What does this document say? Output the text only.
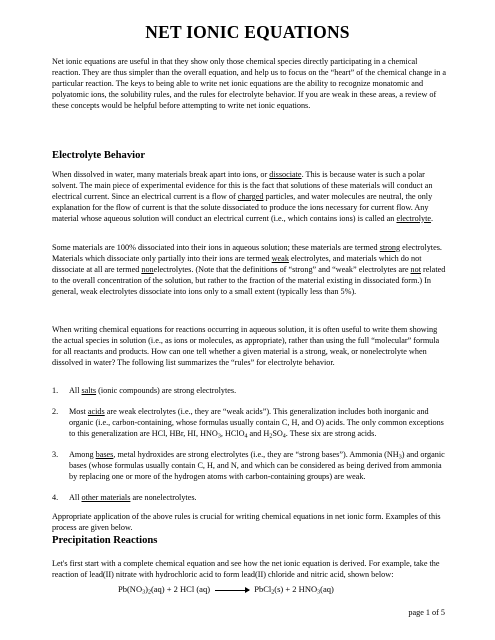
NET IONIC EQUATIONS

Net ionic equations are useful in that they show only those chemical species directly participating in a chemical reaction. They are thus simpler than the overall equation, and help us to focus on the “heart” of the chemical change in a particular reaction. The keys to being able to write net ionic equations are the ability to recognize monatomic and polyatomic ions, the solubility rules, and the rules for electrolyte behavior. If you are weak in these areas, a review of these concepts would be helpful before attempting to write net ionic equations.

Electrolyte Behavior

When dissolved in water, many materials break apart into ions, or dissociate. This is because water is such a polar solvent. The main piece of experimental evidence for this is the fact that solutions of these materials will conduct an electrical current. Since an electrical current is a flow of charged particles, and water molecules are neutral, the only explanation for the flow of current is that the solute dissociated to produce the ions necessary for current flow. Any material whose aqueous solution will conduct an electrical current (i.e., which contains ions) is called an electrolyte.

Some materials are 100% dissociated into their ions in aqueous solution; these materials are termed strong electrolytes. Materials which dissociate only partially into their ions are termed weak electrolytes, and materials which do not dissociate at all are termed nonelectrolytes. (Note that the definitions of “strong” and “weak” electrolytes are not related to the overall concentration of the solution, but rather to the fraction of the material existing in dissociated form.) In general, weak electrolytes dissociate into ions only to a small extent (typically less than 5%).

When writing chemical equations for reactions occurring in aqueous solution, it is often useful to write them showing the actual species in solution (i.e., as ions or molecules, as appropriate), rather than using the full “molecular” formula for all reactants and products. How can one tell whether a given material is a strong, weak, or nonelectrolyte when dissolved in water? The following list summarizes the “rules” for electrolyte behavior.

1. All salts (ionic compounds) are strong electrolytes.
2. Most acids are weak electrolytes (i.e., they are “weak acids”). This generalization includes both inorganic and organic (i.e., carbon-containing, whose formulas usually contain C, H, and O) acids. The only common exceptions to this generalization are HCl, HBr, HI, $HNO_3$, HClO$_4$ and $H_2SO_4$. These six are strong acids.
3. Among bases, metal hydroxides are strong electrolytes (i.e., they are “strong bases”). Ammonia $(NH_3)$ and organic bases (whose formulas usually contain C, H, and N, and which can be considered as being derived from ammonia by replacing one or more of the hydrogen atoms with carbon-containing groups) are weak.
4. All other materials are nonelectrolytes.

Appropriate application of the above rules is crucial for writing chemical equations in net ionic form. Examples of this process are given below.

Precipitation Reactions

Let's first start with a complete chemical equation and see how the net ionic equation is derived. For example, take the reaction of lead(II) nitrate with hydrochloric acid to form lead(II) chloride and nitric acid, shown below:

$Pb(NO_3)_2(aq) + 2$ HCl (aq) → PbCl$_2$(s) + 2 $HNO_3(aq)$
page 1 of 5
